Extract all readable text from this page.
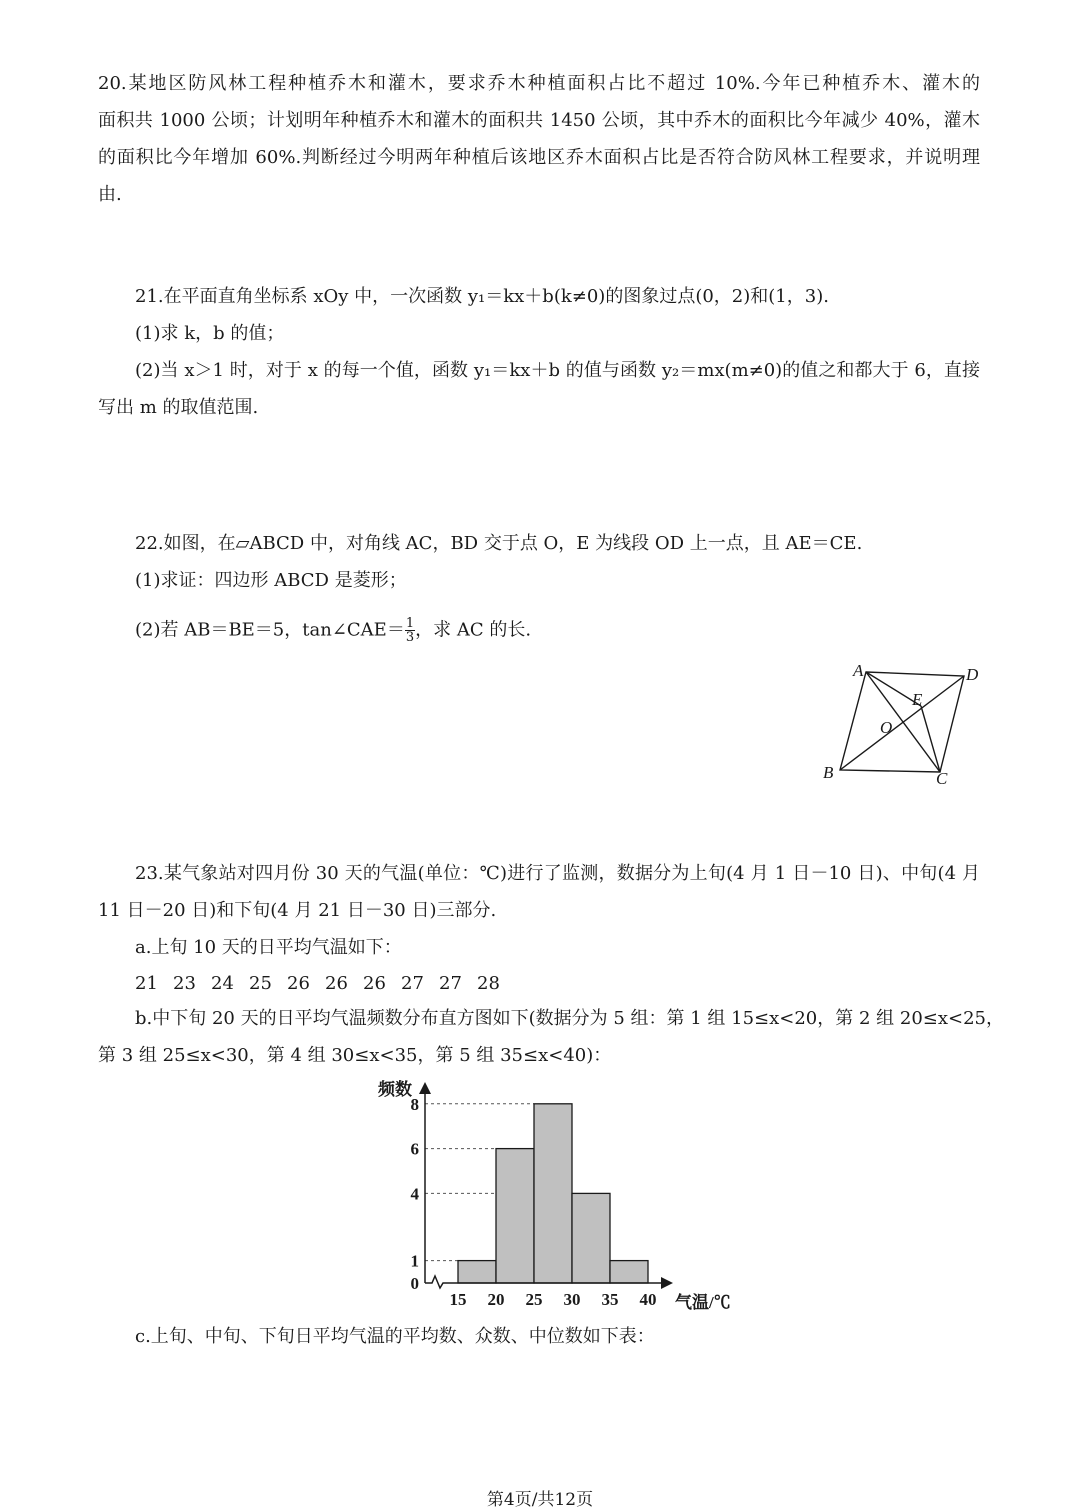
20.某地区防风林工程种植乔木和灌木，要求乔木种植面积占比不超过 10%.今年已种植乔木、灌木的
面积共 1000 公顷；计划明年种植乔木和灌木的面积共 1450 公顷，其中乔木的面积比今年减少 40%，灌木
的面积比今年增加 60%.判断经过今明两年种植后该地区乔木面积占比是否符合防风林工程要求，并说明理
由.
21.在平面直角坐标系 xOy 中，一次函数 y₁＝kx＋b(k≠0)的图象过点(0，2)和(1，3).
(1)求 k，b 的值；
(2)当 x＞1 时，对于 x 的每一个值，函数 y₁＝kx＋b 的值与函数 y₂＝mx(m≠0)的值之和都大于 6，直接
写出 m 的取值范围.
22.如图，在▱ABCD 中，对角线 AC，BD 交于点 O，E 为线段 OD 上一点，且 AE＝CE.
(1)求证：四边形 ABCD 是菱形；
(2)若 AB＝BE＝5，tan∠CAE＝ $\frac{1}{3}$ ，求 AC 的长.
A	D
E
O
B	C
23.某气象站对四月份 30 天的气温(单位：℃)进行了监测，数据分为上旬(4 月 1 日－10 日)、中旬(4 月
11 日－20 日)和下旬(4 月 21 日－30 日)三部分.
a.上旬 10 天的日平均气温如下：
21 23 24 25 26 26 26 27 27 28
b.中下旬 20 天的日平均气温频数分布直方图如下(数据分为 5 组：第 1 组 15≤x<20，第 2 组 20≤x<25，
第 3 组 25≤x<30，第 4 组 30≤x<35，第 5 组 35≤x<40)：
0
1
4
6
8
15 20 25 30 35 40
频数
气温/℃
c.上旬、中旬、下旬日平均气温的平均数、众数、中位数如下表：
第4页/共12页
